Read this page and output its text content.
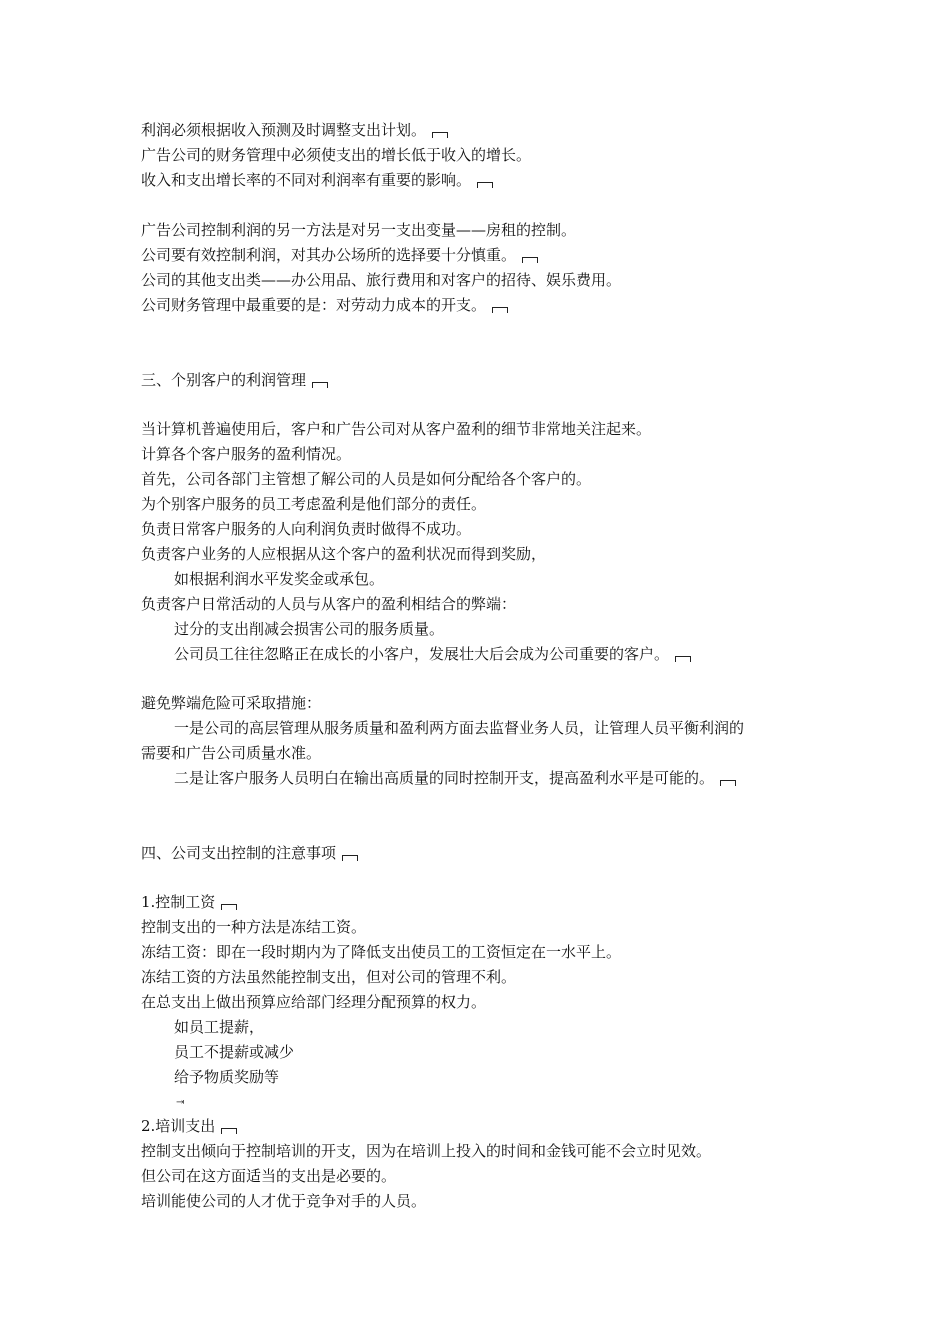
利润必须根据收入预测及时调整支出计划。
广告公司的财务管理中必须使支出的增长低于收入的增长。
收入和支出增长率的不同对利润率有重要的影响。
广告公司控制利润的另一方法是对另一支出变量——房租的控制。
公司要有效控制利润，对其办公场所的选择要十分慎重。
公司的其他支出类——办公用品、旅行费用和对客户的招待、娱乐费用。
公司财务管理中最重要的是：对劳动力成本的开支。
三、个别客户的利润管理
当计算机普遍使用后，客户和广告公司对从客户盈利的细节非常地关注起来。
计算各个客户服务的盈利情况。
首先，公司各部门主管想了解公司的人员是如何分配给各个客户的。
为个别客户服务的员工考虑盈利是他们部分的责任。
负责日常客户服务的人向利润负责时做得不成功。
负责客户业务的人应根据从这个客户的盈利状况而得到奖励，
如根据利润水平发奖金或承包。
负责客户日常活动的人员与从客户的盈利相结合的弊端：
过分的支出削减会损害公司的服务质量。
公司员工往往忽略正在成长的小客户，发展壮大后会成为公司重要的客户。
避免弊端危险可采取措施：
一是公司的高层管理从服务质量和盈利两方面去监督业务人员，让管理人员平衡利润的
需要和广告公司质量水准。
二是让客户服务人员明白在输出高质量的同时控制开支，提高盈利水平是可能的。
四、公司支出控制的注意事项
1.控制工资
控制支出的一种方法是冻结工资。
冻结工资：即在一段时期内为了降低支出使员工的工资恒定在一水平上。
冻结工资的方法虽然能控制支出，但对公司的管理不利。
在总支出上做出预算应给部门经理分配预算的权力。
如员工提薪，
员工不提薪或减少
给予物质奖励等
⇥
2.培训支出
控制支出倾向于控制培训的开支，因为在培训上投入的时间和金钱可能不会立时见效。
但公司在这方面适当的支出是必要的。
培训能使公司的人才优于竞争对手的人员。
